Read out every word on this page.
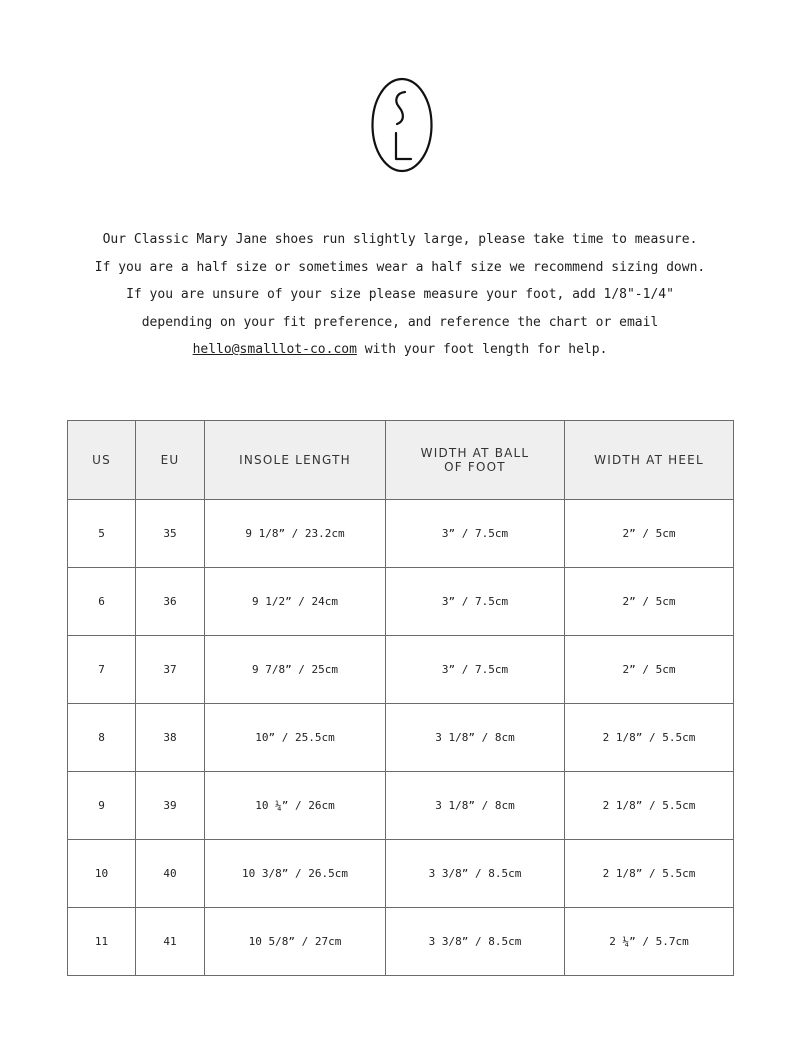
Our Classic Mary Jane shoes run slightly large, please take time to measure.
If you are a half size or sometimes wear a half size we recommend sizing down.
If you are unsure of your size please measure your foot, add 1/8"-1/4"
depending on your fit preference, and reference the chart or email
hello@smalllot-co.com with your foot length for help.
US	EU	INSOLE LENGTH	WIDTH AT BALL OF FOOT	WIDTH AT HEEL
5	35	9 1/8” / 23.2cm	3” / 7.5cm	2” / 5cm
6	36	9 1/2” / 24cm	3” / 7.5cm	2” / 5cm
7	37	9 7/8” / 25cm	3” / 7.5cm	2” / 5cm
8	38	10” / 25.5cm	3 1/8” / 8cm	2 1/8” / 5.5cm
9	39	10 ¼” / 26cm	3 1/8” / 8cm	2 1/8” / 5.5cm
10	40	10 3/8” / 26.5cm	3 3/8” / 8.5cm	2 1/8” / 5.5cm
11	41	10 5/8” / 27cm	3 3/8” / 8.5cm	2 ¼” / 5.7cm
